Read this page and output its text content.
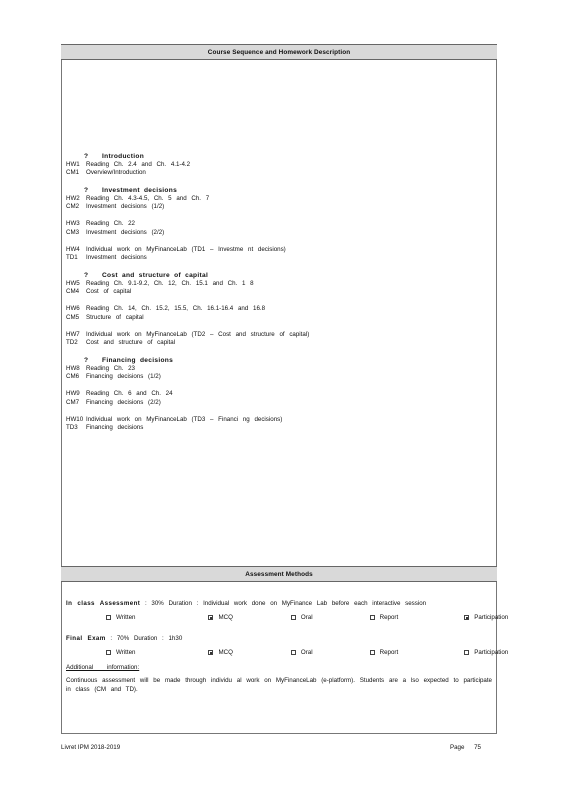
Course Sequence and Homework Description
?	Introduction
HW1	Reading Ch. 2.4 and Ch. 4.1-4.2
CM1	Overview/Introduction
?	Investment decisions
HW2	Reading Ch. 4.3-4.5, Ch. 5 and Ch. 7
CM2	Investment decisions (1/2)
HW3	Reading Ch. 22
CM3	Investment decisions (2/2)
HW4	Individual work on MyFinanceLab (TD1 – Investme nt decisions)
TD1	Investment decisions
?	Cost and structure of capital
HW5	Reading Ch. 9.1-9.2, Ch. 12, Ch. 15.1 and Ch. 1 8
CM4	Cost of capital
HW6	Reading Ch. 14, Ch. 15.2, 15.5, Ch. 16.1-16.4 and 16.8
CM5	Structure of capital
HW7	Individual work on MyFinanceLab (TD2 – Cost and structure of capital)
TD2	Cost and structure of capital
?	Financing decisions
HW8	Reading Ch. 23
CM6	Financing decisions (1/2)
HW9	Reading Ch. 6 and Ch. 24
CM7	Financing decisions (2/2)
HW10 Individual work on MyFinanceLab (TD3 – Financi ng decisions)
TD3	Financing decisions
Assessment Methods
In class Assessment
: 30% Duration : Individual work done on MyFinance Lab before each interactive session
Written	MCQ	Oral	Report	Participation
Final Exam
: 70% Duration : 1h30
Written	MCQ	Oral	Report	Participation
Additional information:
Continuous assessment will be made through individu al work on MyFinanceLab (e-platform). Students are a lso expected to participate in class (CM and TD).
Livret IPM 2018-2019	Page 75
